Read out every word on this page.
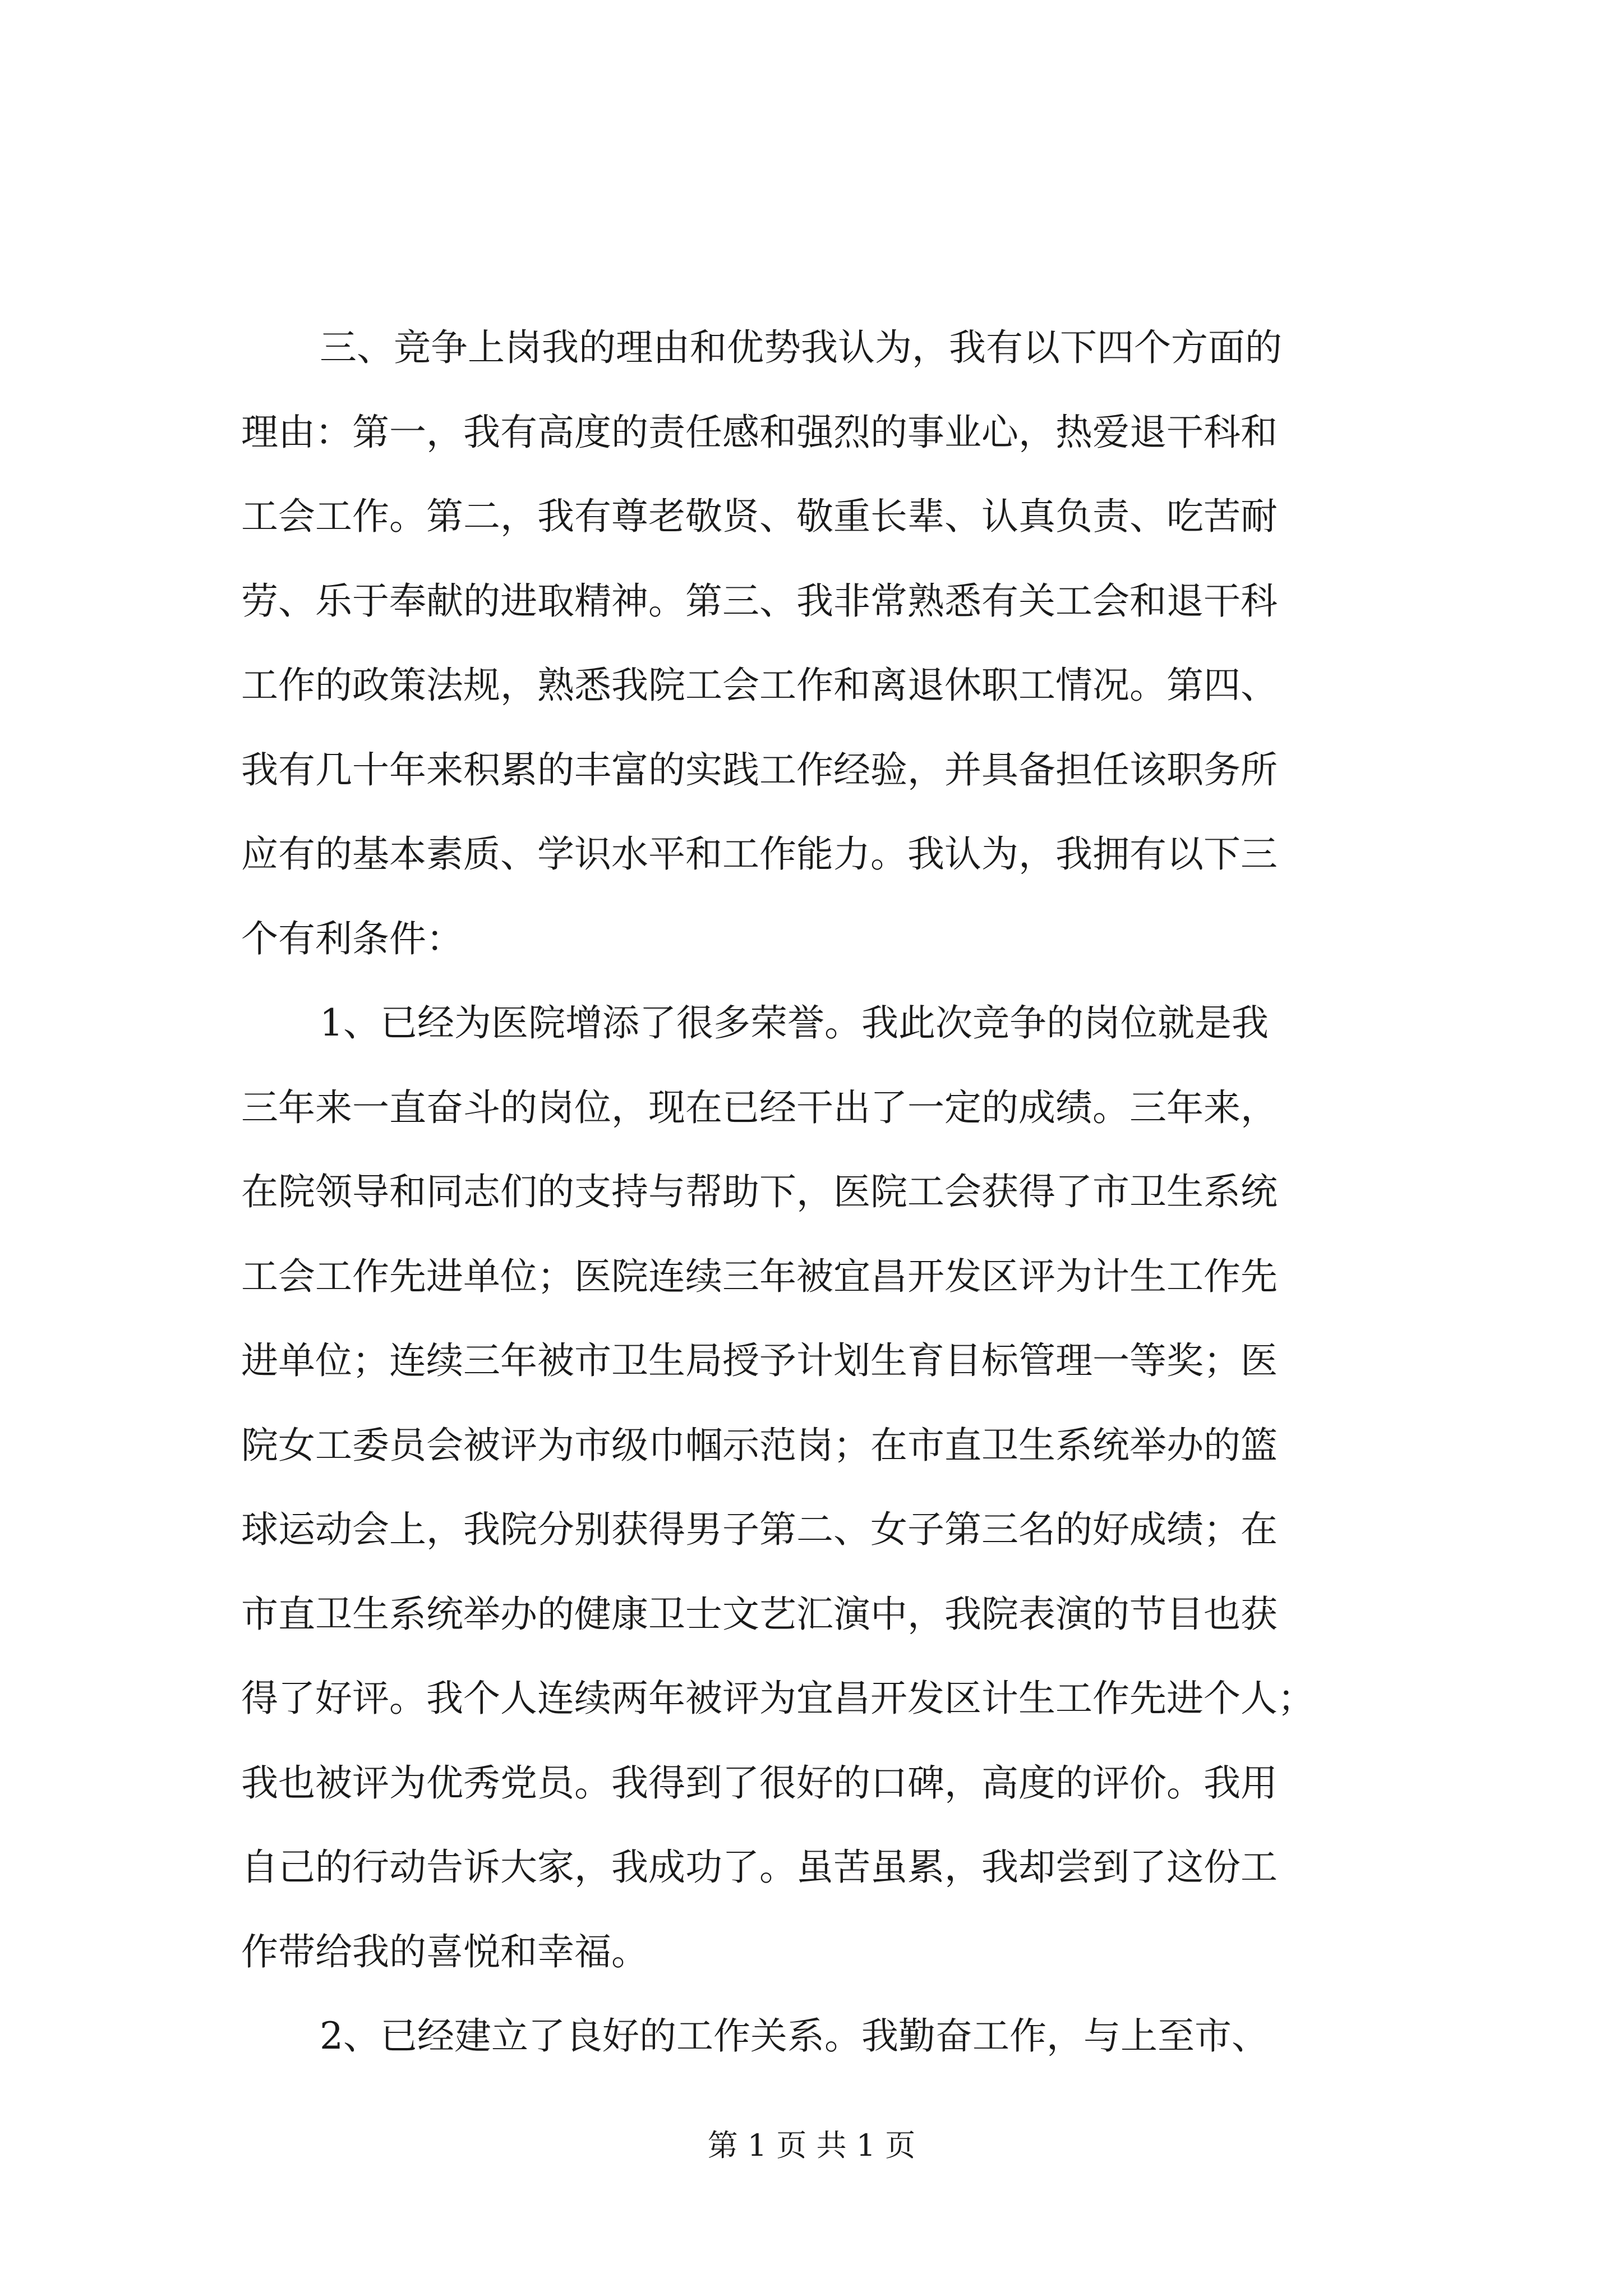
三、竞争上岗我的理由和优势我认为，我有以下四个方面的
理由：第一，我有高度的责任感和强烈的事业心，热爱退干科和
工会工作。第二，我有尊老敬贤、敬重长辈、认真负责、吃苦耐
劳、乐于奉献的进取精神。第三、我非常熟悉有关工会和退干科
工作的政策法规，熟悉我院工会工作和离退休职工情况。第四、
我有几十年来积累的丰富的实践工作经验，并具备担任该职务所
应有的基本素质、学识水平和工作能力。我认为，我拥有以下三
个有利条件：
1、已经为医院增添了很多荣誉。我此次竞争的岗位就是我
三年来一直奋斗的岗位，现在已经干出了一定的成绩。三年来，
在院领导和同志们的支持与帮助下，医院工会获得了市卫生系统
工会工作先进单位；医院连续三年被宜昌开发区评为计生工作先
进单位；连续三年被市卫生局授予计划生育目标管理一等奖；医
院女工委员会被评为市级巾帼示范岗；在市直卫生系统举办的篮
球运动会上，我院分别获得男子第二、女子第三名的好成绩；在
市直卫生系统举办的健康卫士文艺汇演中，我院表演的节目也获
得了好评。我个人连续两年被评为宜昌开发区计生工作先进个人；
我也被评为优秀党员。我得到了很好的口碑，高度的评价。我用
自己的行动告诉大家，我成功了。虽苦虽累，我却尝到了这份工
作带给我的喜悦和幸福。
2、已经建立了良好的工作关系。我勤奋工作，与上至市、
第 1 页 共 1 页
